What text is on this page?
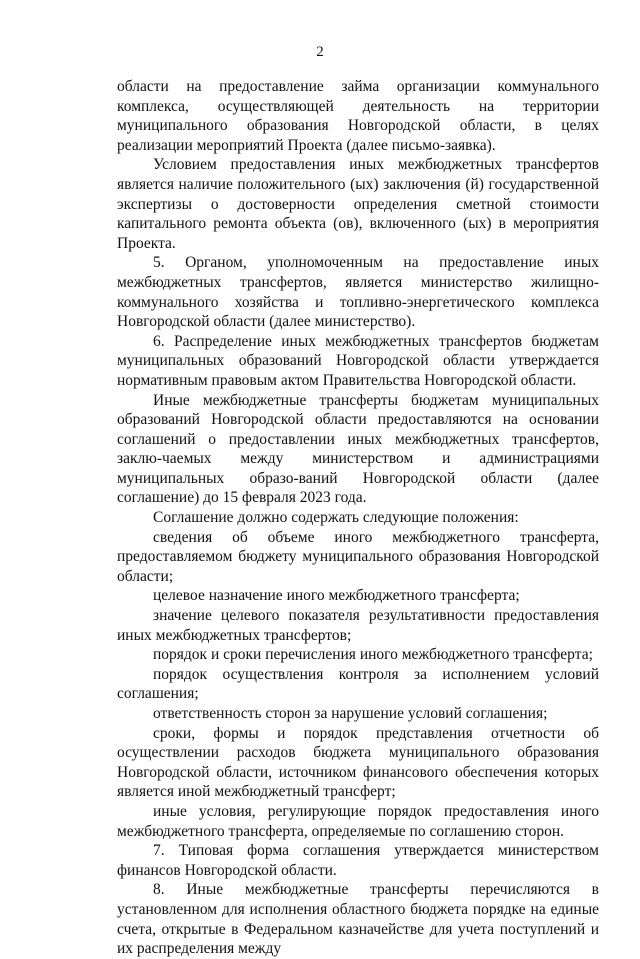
2

области на предоставление займа организации коммунального комплекса, осуществляющей деятельность на территории муниципального образования Новгородской области, в целях реализации мероприятий Проекта (далее письмо-заявка).

Условием предоставления иных межбюджетных трансфертов является наличие положительного (ых) заключения (й) государственной экспертизы о достоверности определения сметной стоимости капитального ремонта объекта (ов), включенного (ых) в мероприятия Проекта.

5. Органом, уполномоченным на предоставление иных межбюджетных трансфертов, является министерство жилищно-коммунального хозяйства и топливно-энергетического комплекса Новгородской области (далее министерство).

6. Распределение иных межбюджетных трансфертов бюджетам муниципальных образований Новгородской области утверждается нормативным правовым актом Правительства Новгородской области.

Иные межбюджетные трансферты бюджетам муниципальных образований Новгородской области предоставляются на основании соглашений о предоставлении иных межбюджетных трансфертов, заклю-чаемых между министерством и администрациями муниципальных образо-ваний Новгородской области (далее соглашение) до 15 февраля 2023 года.

Соглашение должно содержать следующие положения:

сведения об объеме иного межбюджетного трансферта, предоставляемом бюджету муниципального образования Новгородской области;

целевое назначение иного межбюджетного трансферта;

значение целевого показателя результативности предоставления иных межбюджетных трансфертов;

порядок и сроки перечисления иного межбюджетного трансферта;

порядок осуществления контроля за исполнением условий соглашения;

ответственность сторон за нарушение условий соглашения;

сроки, формы и порядок представления отчетности об осуществлении расходов бюджета муниципального образования Новгородской области, источником финансового обеспечения которых является иной межбюджетный трансферт;

иные условия, регулирующие порядок предоставления иного межбюджетного трансферта, определяемые по соглашению сторон.

7. Типовая форма соглашения утверждается министерством финансов Новгородской области.

8. Иные межбюджетные трансферты перечисляются в установленном для исполнения областного бюджета порядке на единые счета, открытые в Федеральном казначействе для учета поступлений и их распределения между
